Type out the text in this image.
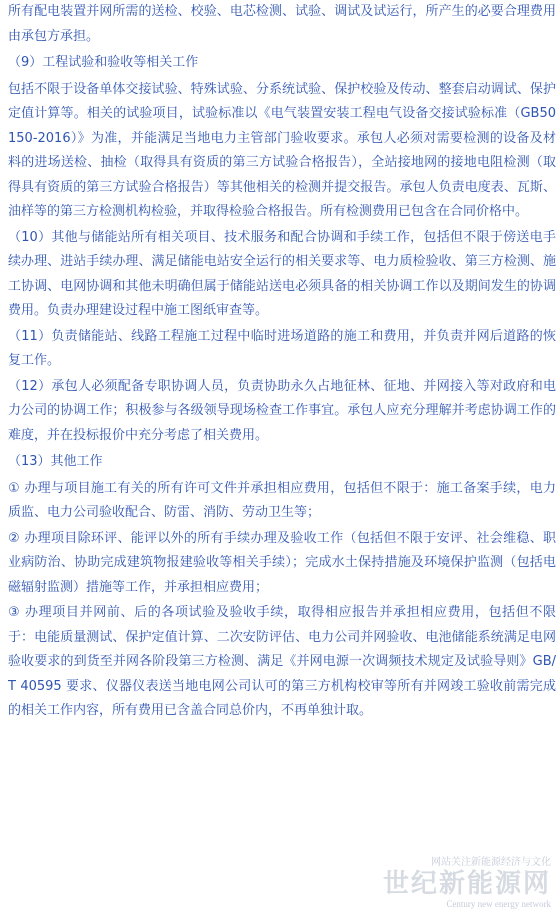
所有配电装置并网所需的送检、校验、电芯检测、试验、调试及试运行，所产生的必要合理费用由承包方承担。

（9）工程试验和验收等相关工作

包括不限于设备单体交接试验、特殊试验、分系统试验、保护校验及传动、整套启动调试、保护定值计算等。相关的试验项目，试验标准以《电气装置安装工程电气设备交接试验标准（GB50150-2016）》为准，并能满足当地电力主管部门验收要求。承包人必须对需要检测的设备及材料的进场送检、抽检（取得具有资质的第三方试验合格报告），全站接地网的接地电阻检测（取得具有资质的第三方试验合格报告）等其他相关的检测并提交报告。承包人负责电度表、瓦斯、油样等的第三方检测机构检验，并取得检验合格报告。所有检测费用已包含在合同价格中。

（10）其他与储能站所有相关项目、技术服务和配合协调和手续工作，包括但不限于傍送电手续办理、进站手续办理、满足储能电站安全运行的相关要求等、电力质检验收、第三方检测、施工协调、电网协调和其他未明确但属于储能站送电必须具备的相关协调工作以及期间发生的协调费用。负责办理建设过程中施工图纸审查等。

（11）负责储能站、线路工程施工过程中临时进场道路的施工和费用，并负责并网后道路的恢复工作。

（12）承包人必须配备专职协调人员，负责协助永久占地征林、征地、并网接入等对政府和电力公司的协调工作；积极参与各级领导现场检查工作事宜。承包人应充分理解并考虑协调工作的难度，并在投标报价中充分考虑了相关费用。

（13）其他工作

① 办理与项目施工有关的所有许可文件并承担相应费用，包括但不限于：施工备案手续，电力质监、电力公司验收配合、防雷、消防、劳动卫生等；

② 办理项目除环评、能评以外的所有手续办理及验收工作（包括但不限于安评、社会维稳、职业病防治、协助完成建筑物报建验收等相关手续）；完成水土保持措施及环境保护监测（包括电磁辐射监测）措施等工作，并承担相应费用；

③ 办理项目并网前、后的各项试验及验收手续，取得相应报告并承担相应费用，包括但不限于：电能质量测试、保护定值计算、二次安防评估、电力公司并网验收、电池储能系统满足电网验收要求的到货至并网各阶段第三方检测、满足《并网电源一次调频技术规定及试验导则》GB/T 40595 要求、仪器仪表送当地电网公司认可的第三方机构校审等所有并网竣工验收前需完成的相关工作内容，所有费用已含盖合同总价内，不再单独计取。

网站关注新能源经济与文化
世纪新能源网
Century new energy network
